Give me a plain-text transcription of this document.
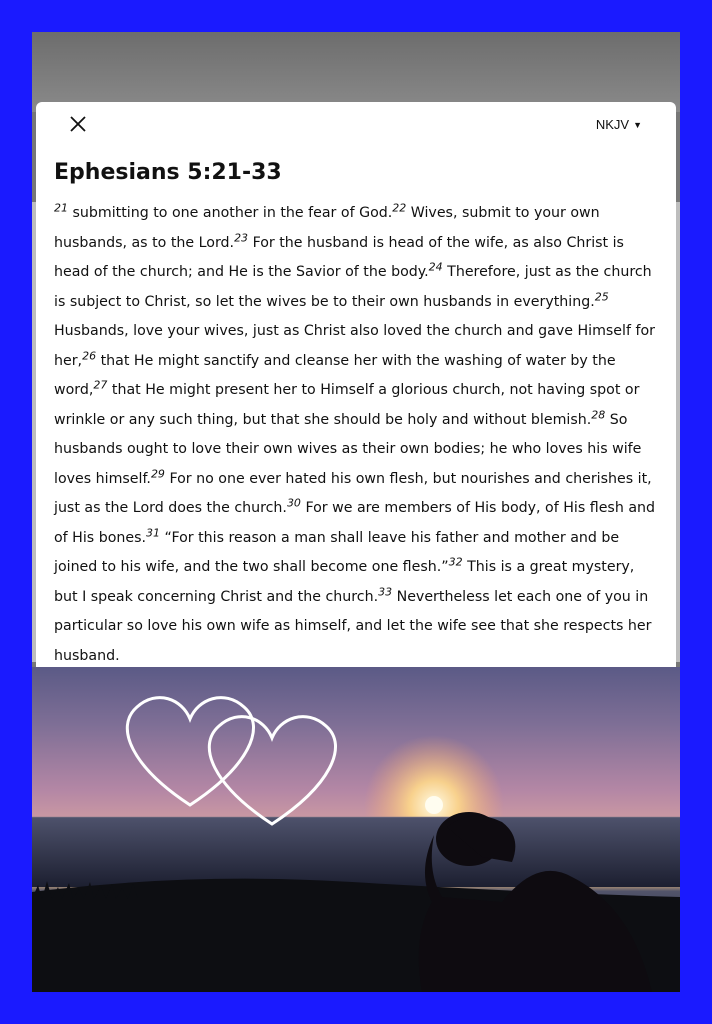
NKJV ▼
Ephesians 5:21-33
$^{21}$ submitting to one another in the fear of God.$^{22}$ Wives, submit to your own husbands, as to the Lord.$^{23}$ For the husband is head of the wife, as also Christ is head of the church; and He is the Savior of the body.$^{24}$ Therefore, just as the church is subject to Christ, so let the wives be to their own husbands in everything.$^{25}$ Husbands, love your wives, just as Christ also loved the church and gave Himself for her,$^{26}$ that He might sanctify and cleanse her with the washing of water by the word,$^{27}$ that He might present her to Himself a glorious church, not having spot or wrinkle or any such thing, but that she should be holy and without blemish.$^{28}$ So husbands ought to love their own wives as their own bodies; he who loves his wife loves himself.$^{29}$ For no one ever hated his own flesh, but nourishes and cherishes it, just as the Lord does the church.$^{30}$ For we are members of His body, of His flesh and of His bones.$^{31}$ “For this reason a man shall leave his father and mother and be joined to his wife, and the two shall become one flesh.”$^{32}$ This is a great mystery, but I speak concerning Christ and the church.$^{33}$ Nevertheless let each one of you in particular so love his own wife as himself, and let the wife see that she respects her husband.
